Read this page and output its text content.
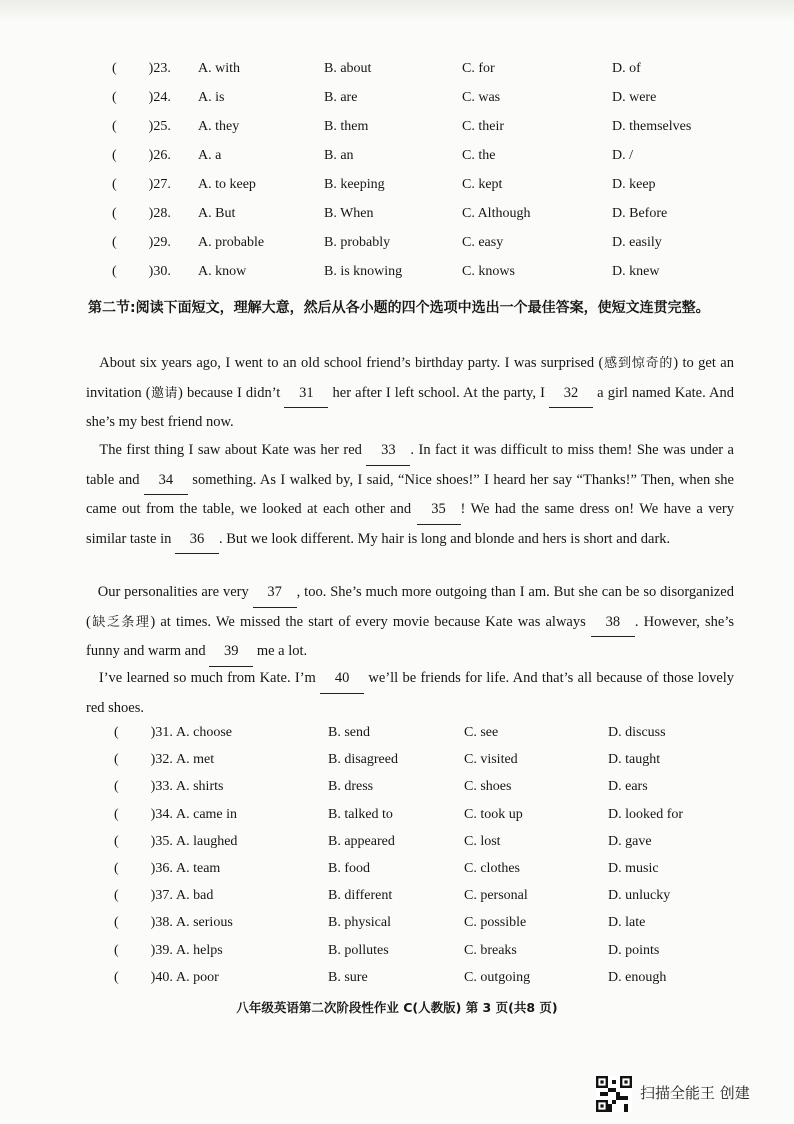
( )23. A. with	B. about	C. for	D. of
( )24. A. is	B. are	C. was	D. were
( )25. A. they	B. them	C. their	D. themselves
( )26. A. a	B. an	C. the	D. /
( )27. A. to keep	B. keeping	C. kept	D. keep
( )28. A. But	B. When	C. Although	D. Before
( )29. A. probable	B. probably	C. easy	D. easily
( )30. A. know	B. is knowing	C. knows	D. knew
第二节:阅读下面短文，理解大意，然后从各小题的四个选项中选出一个最佳答案，使短文连贯完整。
About six years ago, I went to an old school friend’s birthday party. I was surprised (感到惊奇的) to get an invitation (邀请) because I didn’t 31 her after I left school. At the party, I 32 a girl named Kate. And she’s my best friend now.
The first thing I saw about Kate was her red 33 . In fact it was difficult to miss them! She was under a table and 34 something. As I walked by, I said, “Nice shoes!” I heard her say “Thanks!” Then, when she came out from the table, we looked at each other and 35 ! We had the same dress on! We have a very similar taste in 36 . But we look different. My hair is long and blonde and hers is short and dark.
Our personalities are very 37 , too. She’s much more outgoing than I am. But she can be so disorganized (缺乏条理) at times. We missed the start of every movie because Kate was always 38 . However, she’s funny and warm and 39 me a lot.
I’ve learned so much from Kate. I’m 40 we’ll be friends for life. And that’s all because of those lovely red shoes.
( )31. A. choose	B. send	C. see	D. discuss
( )32. A. met	B. disagreed	C. visited	D. taught
( )33. A. shirts	B. dress	C. shoes	D. ears
( )34. A. came in	B. talked to	C. took up	D. looked for
( )35. A. laughed	B. appeared	C. lost	D. gave
( )36. A. team	B. food	C. clothes	D. music
( )37. A. bad	B. different	C. personal	D. unlucky
( )38. A. serious	B. physical	C. possible	D. late
( )39. A. helps	B. pollutes	C. breaks	D. points
( )40. A. poor	B. sure	C. outgoing	D. enough
八年级英语第二次阶段性作业 C(人教版) 第 3 页(共8 页)
扫描全能王 创建
